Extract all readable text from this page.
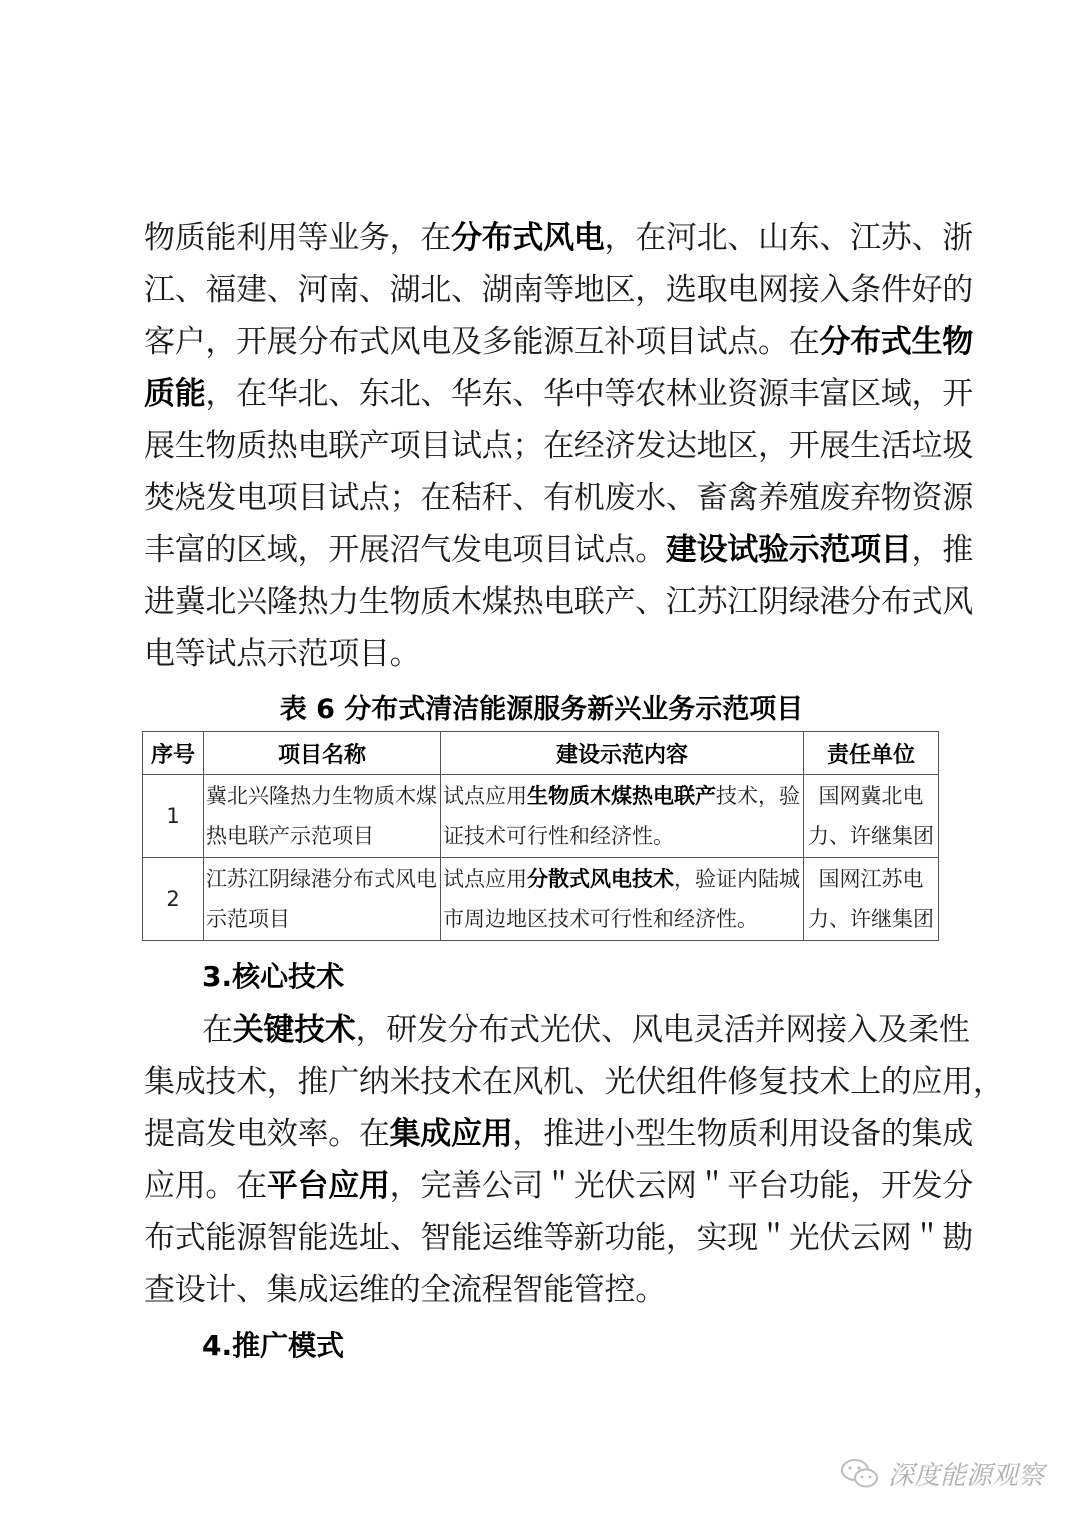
物质能利用等业务，在分布式风电，在河北、山东、江苏、浙
江、福建、河南、湖北、湖南等地区，选取电网接入条件好的
客户，开展分布式风电及多能源互补项目试点。在分布式生物
质能，在华北、东北、华东、华中等农林业资源丰富区域，开
展生物质热电联产项目试点；在经济发达地区，开展生活垃圾
焚烧发电项目试点；在秸秆、有机废水、畜禽养殖废弃物资源
丰富的区域，开展沼气发电项目试点。建设试验示范项目，推
进冀北兴隆热力生物质木煤热电联产、江苏江阴绿港分布式风
电等试点示范项目。
表 6 分布式清洁能源服务新兴业务示范项目
序号	项目名称	建设示范内容	责任单位
1	冀北兴隆热力生物质木煤热电联产示范项目	试点应用生物质木煤热电联产技术，验证技术可行性和经济性。	国网冀北电力、许继集团
2	江苏江阴绿港分布式风电示范项目	试点应用分散式风电技术，验证内陆城市周边地区技术可行性和经济性。	国网江苏电力、许继集团
3.核心技术
在关键技术，研发分布式光伏、风电灵活并网接入及柔性
集成技术，推广纳米技术在风机、光伏组件修复技术上的应用，
提高发电效率。在集成应用，推进小型生物质利用设备的集成
应用。在平台应用，完善公司＂光伏云网＂平台功能，开发分
布式能源智能选址、智能运维等新功能，实现＂光伏云网＂勘
查设计、集成运维的全流程智能管控。
4.推广模式
深度能源观察
